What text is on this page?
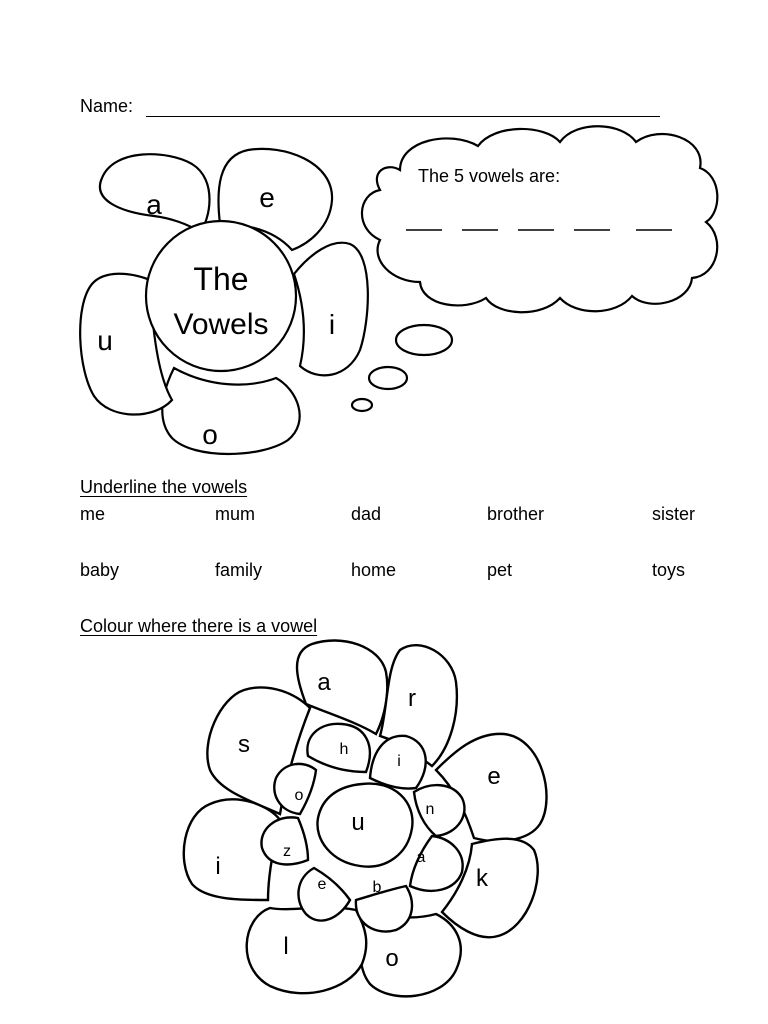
Name:
a	e
i
o
u
The
Vowels
The 5 vowels are:
Underline the vowels
me	mum	dad	brother	sister
baby	family	home	pet	toys
Colour where there is a vowel
a
r
e
k
o
l
i
s	h
i
n
a
b
e
z
o
u
